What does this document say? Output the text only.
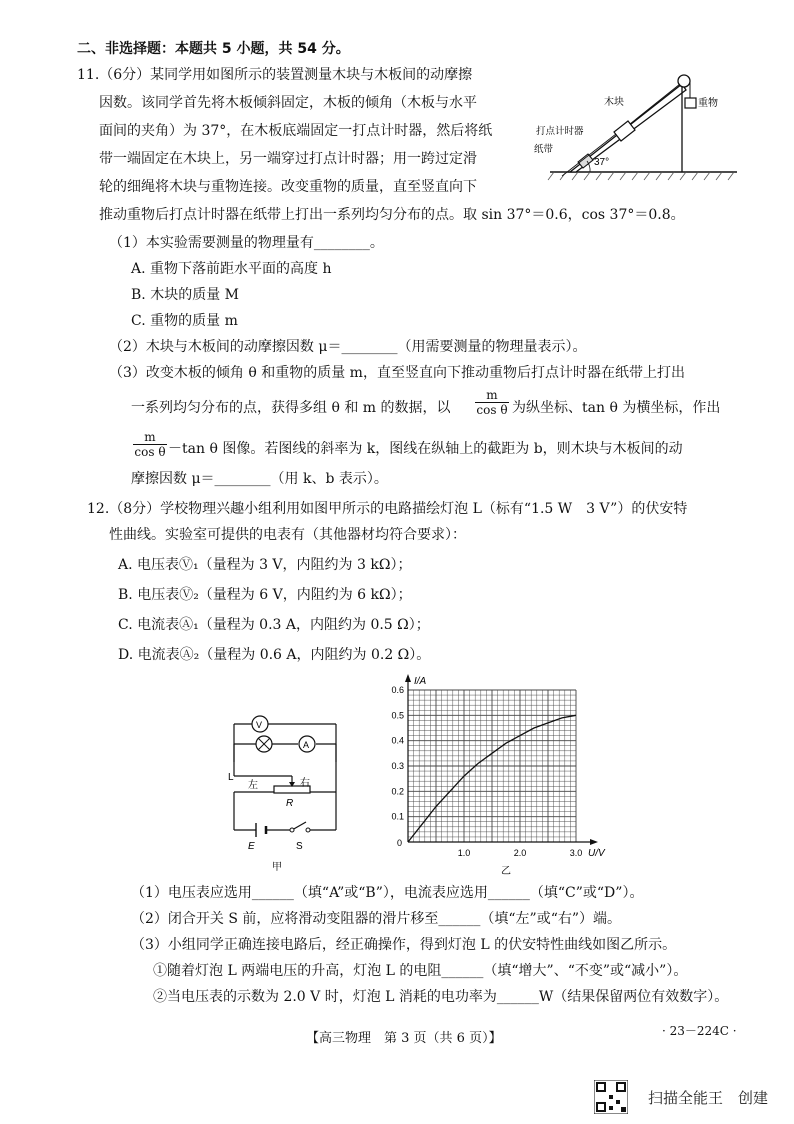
二、非选择题：本题共 5 小题，共 54 分。
11.（6分）某同学用如图所示的装置测量木块与木板间的动摩擦
因数。该同学首先将木板倾斜固定，木板的倾角（木板与水平
面间的夹角）为 37°，在木板底端固定一打点计时器，然后将纸
带一端固定在木块上，另一端穿过打点计时器；用一跨过定滑
轮的细绳将木块与重物连接。改变重物的质量，直至竖直向下
推动重物后打点计时器在纸带上打出一系列均匀分布的点。取 sin 37°＝0.6，cos 37°＝0.8。
木块	重物
打点计时器
纸带
37°
（1）本实验需要测量的物理量有________。
A. 重物下落前距水平面的高度 h
B. 木块的质量 M
C. 重物的质量 m
（2）木块与木板间的动摩擦因数 μ＝________（用需要测量的物理量表示）。
（3）改变木板的倾角 θ 和重物的质量 m，直至竖直向下推动重物后打点计时器在纸带上打出
一系列均匀分布的点，获得多组 θ 和 m 的数据，以 $\frac{m}{\text{cos θ}}$ 为纵坐标、tan θ 为横坐标，作出
$\frac{m}{\text{cos θ}} -\tan$ θ 图像。若图线的斜率为 k，图线在纵轴上的截距为 b，则木块与木板间的动
摩擦因数 μ＝________（用 k、b 表示）。
12.（8分）学校物理兴趣小组利用如图甲所示的电路描绘灯泡 L（标有“1.5 W　3 V”）的伏安特
性曲线。实验室可提供的电表有（其他器材均符合要求）：
A. 电压表Ⓥ₁（量程为 3 V，内阻约为 3 kΩ）；
B. 电压表Ⓥ₂（量程为 6 V，内阻约为 6 kΩ）；
C. 电流表Ⓐ₁（量程为 0.3 A，内阻约为 0.5 Ω）；
D. 电流表Ⓐ₂（量程为 0.6 A，内阻约为 0.2 Ω）。
V
A
L
左	右
R
E	S
甲
0.1
0.2
0.3
0.4
0.5
0.6
0
1.0	2.0	3.0
I/A
U/V
乙
（1）电压表应选用______（填“A”或“B”），电流表应选用______（填“C”或“D”）。
（2）闭合开关 S 前，应将滑动变阻器的滑片移至______（填“左”或“右”）端。
（3）小组同学正确连接电路后，经正确操作，得到灯泡 L 的伏安特性曲线如图乙所示。
①随着灯泡 L 两端电压的升高，灯泡 L 的电阻______（填“增大”、“不变”或“减小”）。
②当电压表的示数为 2.0 V 时，灯泡 L 消耗的电功率为______W（结果保留两位有效数字）。
【高三物理　第 3 页（共 6 页）】	· 23－224C ·
扫描全能王　创建
